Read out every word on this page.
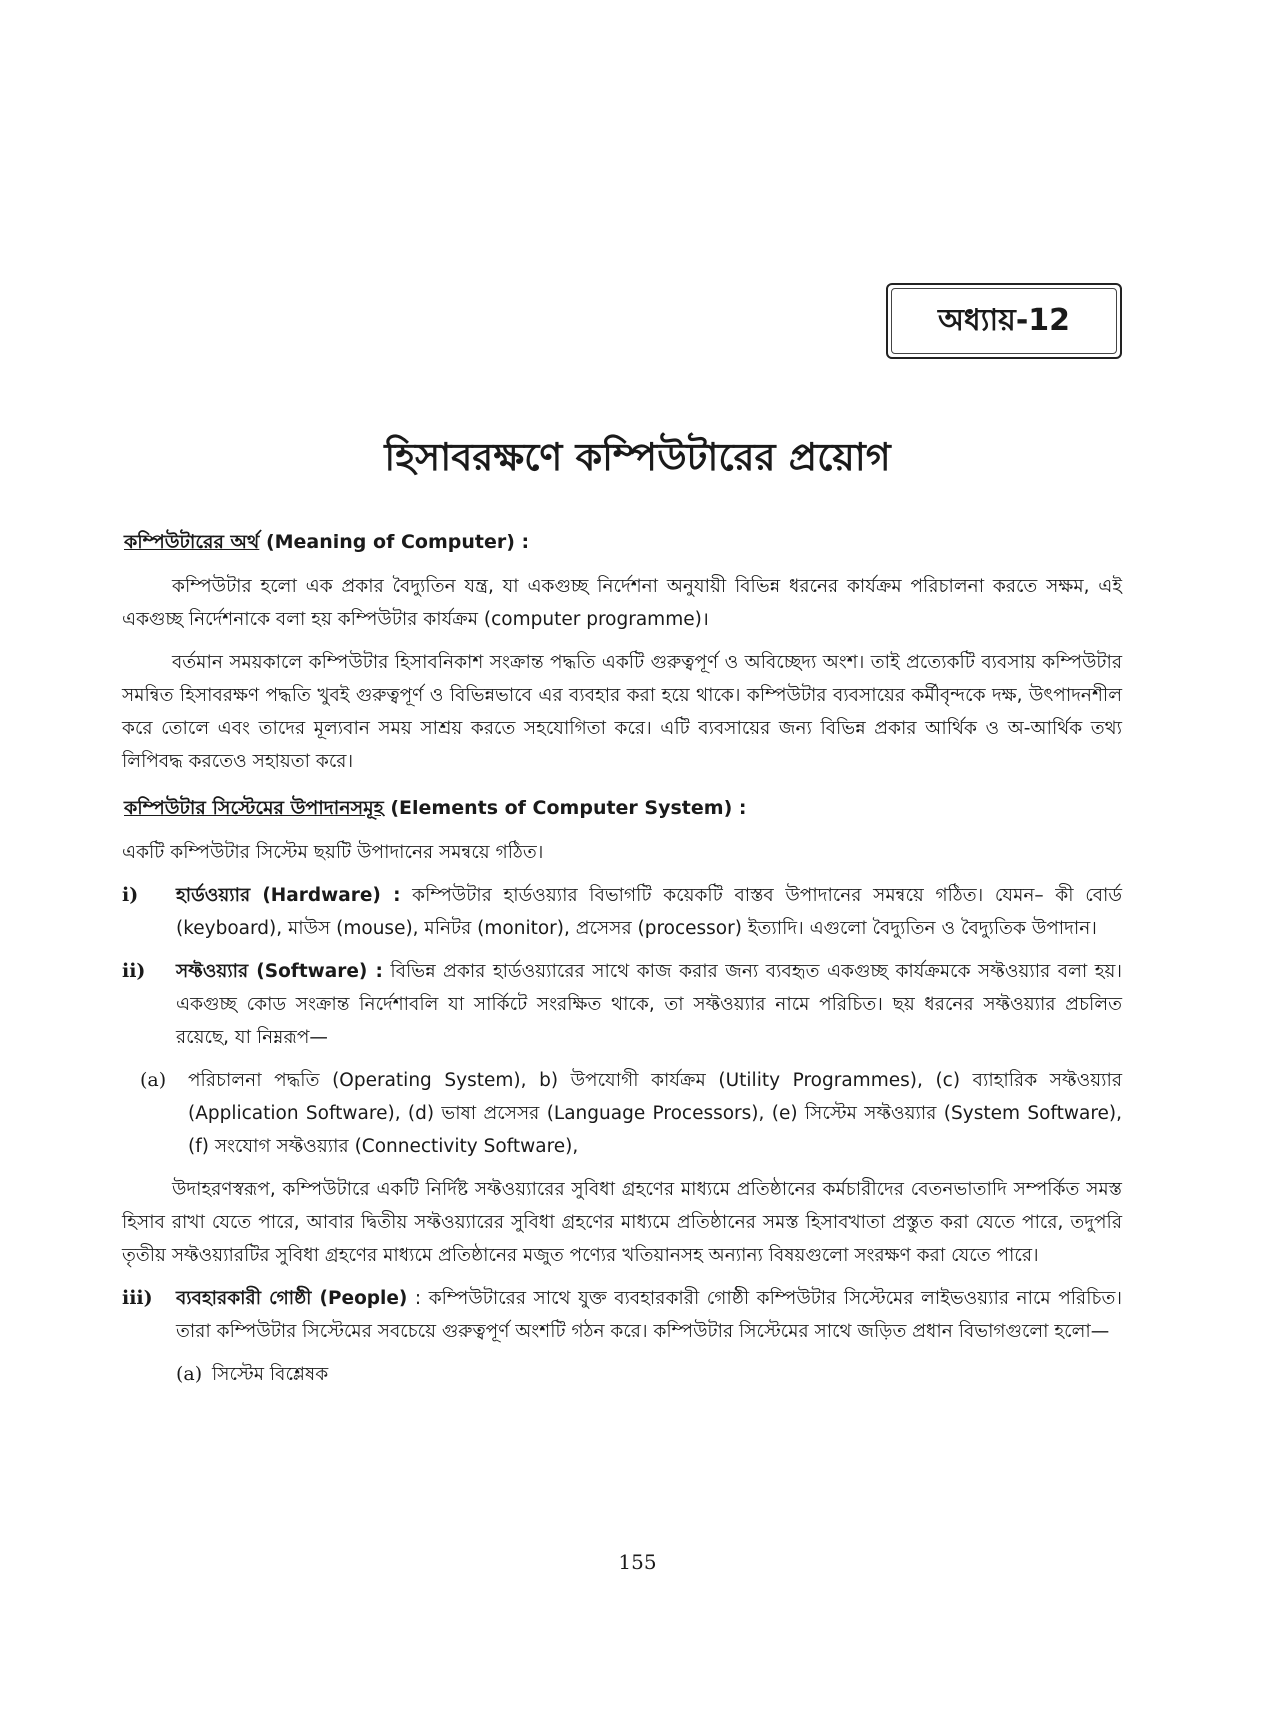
অধ্যায়-12
হিসাবরক্ষণে কম্পিউটারের প্রয়োগ
কম্পিউটারের অর্থ (Meaning of Computer) :

কম্পিউটার হলো এক প্রকার বৈদ্যুতিন যন্ত্র, যা একগুচ্ছ নির্দেশনা অনুযায়ী বিভিন্ন ধরনের কার্যক্রম পরিচালনা করতে সক্ষম, এই একগুচ্ছ নির্দেশনাকে বলা হয় কম্পিউটার কার্যক্রম (computer programme)।

বর্তমান সময়কালে কম্পিউটার হিসাবনিকাশ সংক্রান্ত পদ্ধতি একটি গুরুত্বপূর্ণ ও অবিচ্ছেদ্য অংশ। তাই প্রত্যেকটি ব্যবসায় কম্পিউটার সমন্বিত হিসাবরক্ষণ পদ্ধতি খুবই গুরুত্বপূর্ণ ও বিভিন্নভাবে এর ব্যবহার করা হয়ে থাকে। কম্পিউটার ব্যবসায়ের কর্মীবৃন্দকে দক্ষ, উৎপাদনশীল করে তোলে এবং তাদের মূল্যবান সময় সাশ্রয় করতে সহযোগিতা করে। এটি ব্যবসায়ের জন্য বিভিন্ন প্রকার আর্থিক ও অ-আর্থিক তথ্য লিপিবদ্ধ করতেও সহায়তা করে।

কম্পিউটার সিস্টেমের উপাদানসমূহ (Elements of Computer System) :

একটি কম্পিউটার সিস্টেম ছয়টি উপাদানের সমন্বয়ে গঠিত।

i) হার্ডওয়্যার (Hardware) : কম্পিউটার হার্ডওয়্যার বিভাগটি কয়েকটি বাস্তব উপাদানের সমন্বয়ে গঠিত। যেমন– কী বোর্ড (keyboard), মাউস (mouse), মনিটর (monitor), প্রসেসর (processor) ইত্যাদি। এগুলো বৈদ্যুতিন ও বৈদ্যুতিক উপাদান।

ii) সফ্টওয়্যার (Software) : বিভিন্ন প্রকার হার্ডওয়্যারের সাথে কাজ করার জন্য ব্যবহৃত একগুচ্ছ কার্যক্রমকে সফ্টওয়্যার বলা হয়। একগুচ্ছ কোড সংক্রান্ত নির্দেশাবলি যা সার্কিটে সংরক্ষিত থাকে, তা সফ্টওয়্যার নামে পরিচিত। ছয় ধরনের সফ্টওয়্যার প্রচলিত রয়েছে, যা নিম্নরূপ—

(a) পরিচালনা পদ্ধতি (Operating System), b) উপযোগী কার্যক্রম (Utility Programmes), (c) ব্যাহারিক সফ্টওয়্যার (Application Software), (d) ভাষা প্রসেসর (Language Processors), (e) সিস্টেম সফ্টওয়্যার (System Software), (f) সংযোগ সফ্টওয়্যার (Connectivity Software),

উদাহরণস্বরূপ, কম্পিউটারে একটি নির্দিষ্ট সফ্টওয়্যারের সুবিধা গ্রহণের মাধ্যমে প্রতিষ্ঠানের কর্মচারীদের বেতনভাতাদি সম্পর্কিত সমস্ত হিসাব রাখা যেতে পারে, আবার দ্বিতীয় সফ্টওয়্যারের সুবিধা গ্রহণের মাধ্যমে প্রতিষ্ঠানের সমস্ত হিসাবখাতা প্রস্তুত করা যেতে পারে, তদুপরি তৃতীয় সফ্টওয়্যারটির সুবিধা গ্রহণের মাধ্যমে প্রতিষ্ঠানের মজুত পণ্যের খতিয়ানসহ অন্যান্য বিষয়গুলো সংরক্ষণ করা যেতে পারে।

iii) ব্যবহারকারী গোষ্ঠী (People) : কম্পিউটারের সাথে যুক্ত ব্যবহারকারী গোষ্ঠী কম্পিউটার সিস্টেমের লাইভওয়্যার নামে পরিচিত। তারা কম্পিউটার সিস্টেমের সবচেয়ে গুরুত্বপূর্ণ অংশটি গঠন করে। কম্পিউটার সিস্টেমের সাথে জড়িত প্রধান বিভাগগুলো হলো—

(a) সিস্টেম বিশ্লেষক

155
